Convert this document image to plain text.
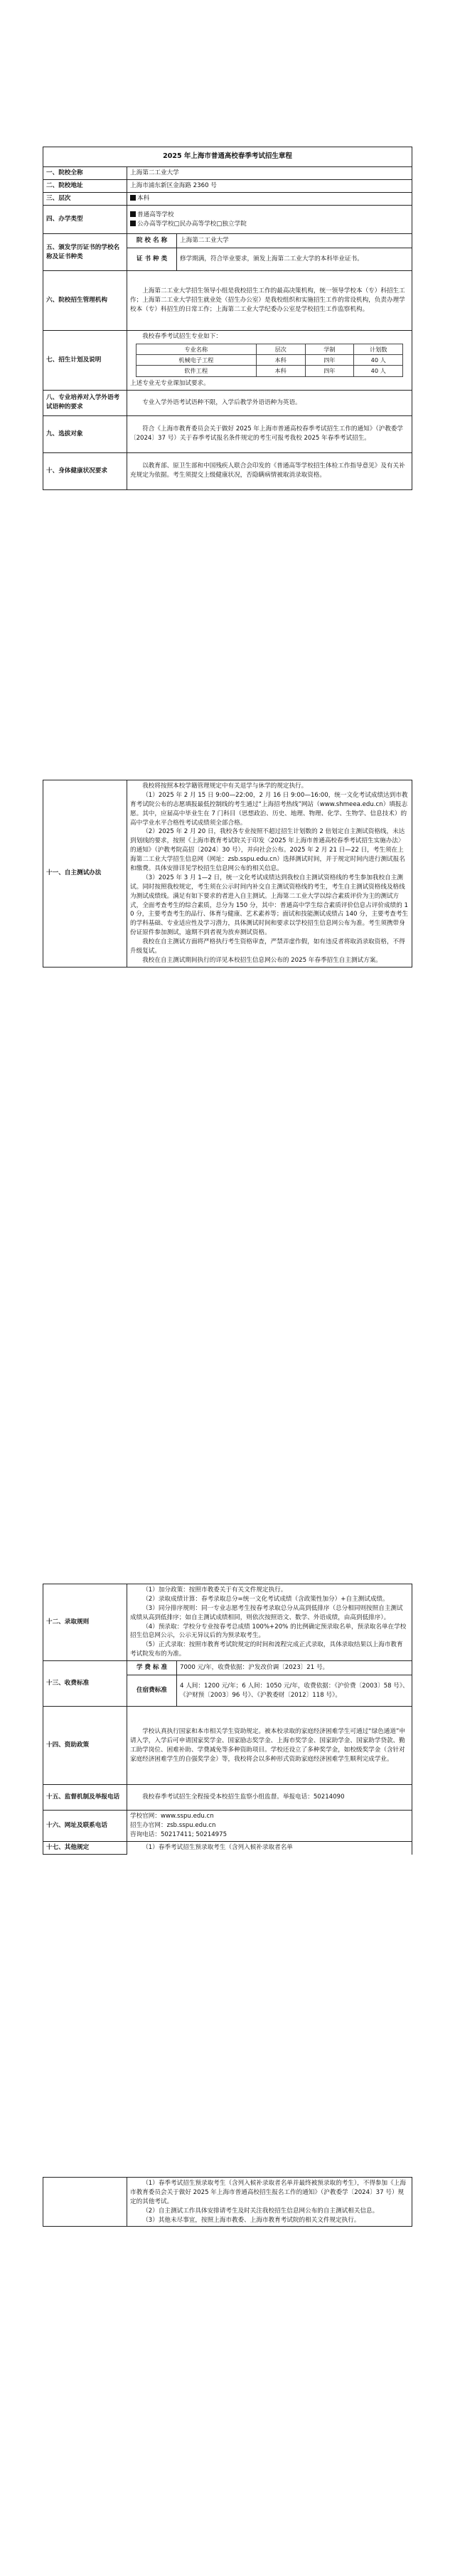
2025 年上海市普通高校春季考试招生章程
一、院校全称	上海第二工业大学
二、院校地址	上海市浦东新区金海路 2360 号
三、层次	本科
四、办学类型	
普通高等学校
公办高等学校□民办高等学校□独立学院

五、颁发学历证书的学校名称及证书种类	院 校 名 称	上海第二工业大学
证 书 种 类	修学期满，符合毕业要求，颁发上海第二工业大学的本科毕业证书。
六、院校招生管理机构	上海第二工业大学招生领导小组是我校招生工作的最高决策机构，统一领导学校本（专）科招生工作；上海第二工业大学招生就业处（招生办公室）是我校组织和实施招生工作的常设机构，负责办理学校本（专）科招生的日常工作；上海第二工业大学纪委办公室是学校招生工作监察机构。
七、招生计划及说明	
我校春季考试招生专业如下：
专业名称	层次	学制	计划数
机械电子工程	本科	四年	40 人
软件工程	本科	四年	40 人
上述专业无专业课加试要求。

八、专业培养对入学外语考试语种的要求	专业入学外语考试语种不限，入学后教学外语语种为英语。
九、选拔对象	符合《上海市教育委员会关于做好 2025 年上海市普通高校春季考试招生工作的通知》（沪教委学〔2024〕37 号）关于春季考试报名条件规定的考生可报考我校 2025 年春季考试招生。
十、身体健康状况要求	以教育部、原卫生部和中国残疾人联合会印发的《普通高等学校招生体检工作指导意见》及有关补充规定为依据。考生须提交上级健康状况，否隐瞒病情被取消录取资格。
十一、自主测试办法	
我校将按照本校学籍管理规定中有关退学与休学的规定执行。
（1）2025 年 2 月 15 日 9:00—22:00，2 月 16 日 9:00—16:00，统一文化考试成绩达到市教育考试院公布的志愿填报最低控制线的考生通过“上海招考热线”网站（www.shmeea.edu.cn）填报志愿。其中，应届高中毕业生在 7 门科目（思想政治、历史、地理、物理、化学、生物学、信息技术）的高中学业水平合格性考试成绩须全部合格。
（2）2025 年 2 月 20 日，我校各专业按照不超过招生计划数的 2 倍划定自主测试资格线，未达到划线的要求，按照《上海市教育考试院关于印发〈2025 年上海市普通高校春季考试招生实施办法〉的通知》（沪教考院高招〔2024〕30 号），并向社会公布。2025 年 2 月 21 日—22 日，考生须在上海第二工业大学招生信息网（网址：zsb.sspu.edu.cn）选择测试时间，并于规定时间内进行测试报名和缴费。具体安排详见学校招生信息网公布的相关信息。
（3）2025 年 3 月 1—2 日，统一文化考试成绩达到我校自主测试资格线的考生参加我校自主测试。同时按照我校规定，考生须在公示时间内补交自主测试资格线的考生，考生自主测试资格线及格线为测试成绩线。满足有如下要求的者进入自主测试。上海第二工业大学以综合素质评价为主的测试方式，全面考查考生的综合素质，总分为 150 分，其中：普通高中学生综合素质评价信息占评价成绩的 10 分，主要考查考生的品行、体育与健康、艺术素养等；面试和技能测试成绩占 140 分，主要考查考生的学科基础、专业适应性及学习潜力，具体测试时间和要求以学校招生信息网公布为准。考生须携带身份证原件参加测试，逾期不到者视为放弃测试资格。
我校在自主测试方面将严格执行考生资格审查，严禁弄虚作假，如有违反者将取消录取资格，不得升级复试。
我校在自主测试期间执行的详见本校招生信息网公布的 2025 年春季招生自主测试方案。
十二、录取规则	（1）加分政策：按照市教委关于有关文件规定执行。
（2）录取成绩计算：春考录取总分=统一文化考试成绩（含政策性加分）+自主测试成绩。
（3）同分排序规则：同一专业志愿考生按春考录取总分从高到低排序（总分相同则按照自主测试成绩从高到低排序；如自主测试成绩相同，则依次按照语文、数学、外语成绩，由高到低排序）。
（4）预录取：学校分专业按春考总成绩 100%+20% 的比例确定预录取名单，预录取名单在学校招生信息网公示，公示无异议后的为预录取考生。
（5）正式录取：按照市教育考试院规定的时间和流程完成正式录取，具体录取结果以上海市教育考试院发布的为准。	

十三、收费标准	学 费 标 准	7000 元/年，收费依据：沪发改价调〔2023〕21 号。
	住宿费标准	4 人间：1200 元/年；6 人间：1050 元/年，收费依据：《沪价费〔2003〕58 号》、《沪财预〔2003〕96 号》、《沪教委财〔2012〕118 号》。
十四、资助政策	学校认真执行国家和本市相关学生资助规定。被本校录取的家庭经济困难学生可通过“绿色通道”申请入学，入学后可申请国家奖学金、国家励志奖学金、上海市奖学金、国家助学金、国家助学贷款、勤工助学岗位、困难补助、学费减免等多种资助项目。学校还设立了多种奖学金，如校级奖学金（含针对家庭经济困难学生的自强奖学金）等，我校将会以多种形式资助家庭经济困难学生顺利完成学业。	
十五、监督机制及举报电话	我校春季考试招生全程接受本校招生监察小组监督。举报电话：50214090	
十六、网址及联系电话	学校官网：www.sspu.edu.cn
招生办官网：zsb.sspu.edu.cn
咨询电话：50217411; 50214975	

十七、其他规定	（1）春季考试招生预录取考生（含列入候补录取者名单	

（1）春季考试招生预录取考生（含列入候补录取者名单并最终被预录取的考生），不得参加《上海市教育委员会关于做好 2025 年上海市普通高校招生报名工作的通知》（沪教委学〔2024〕37 号）规定的其他考试。
（2）自主测试工作具体安排请考生及时关注我校招生信息网公布的自主测试相关信息。
（3）其他未尽事宜，按照上海市教委、上海市教育考试院的相关文件规定执行。
